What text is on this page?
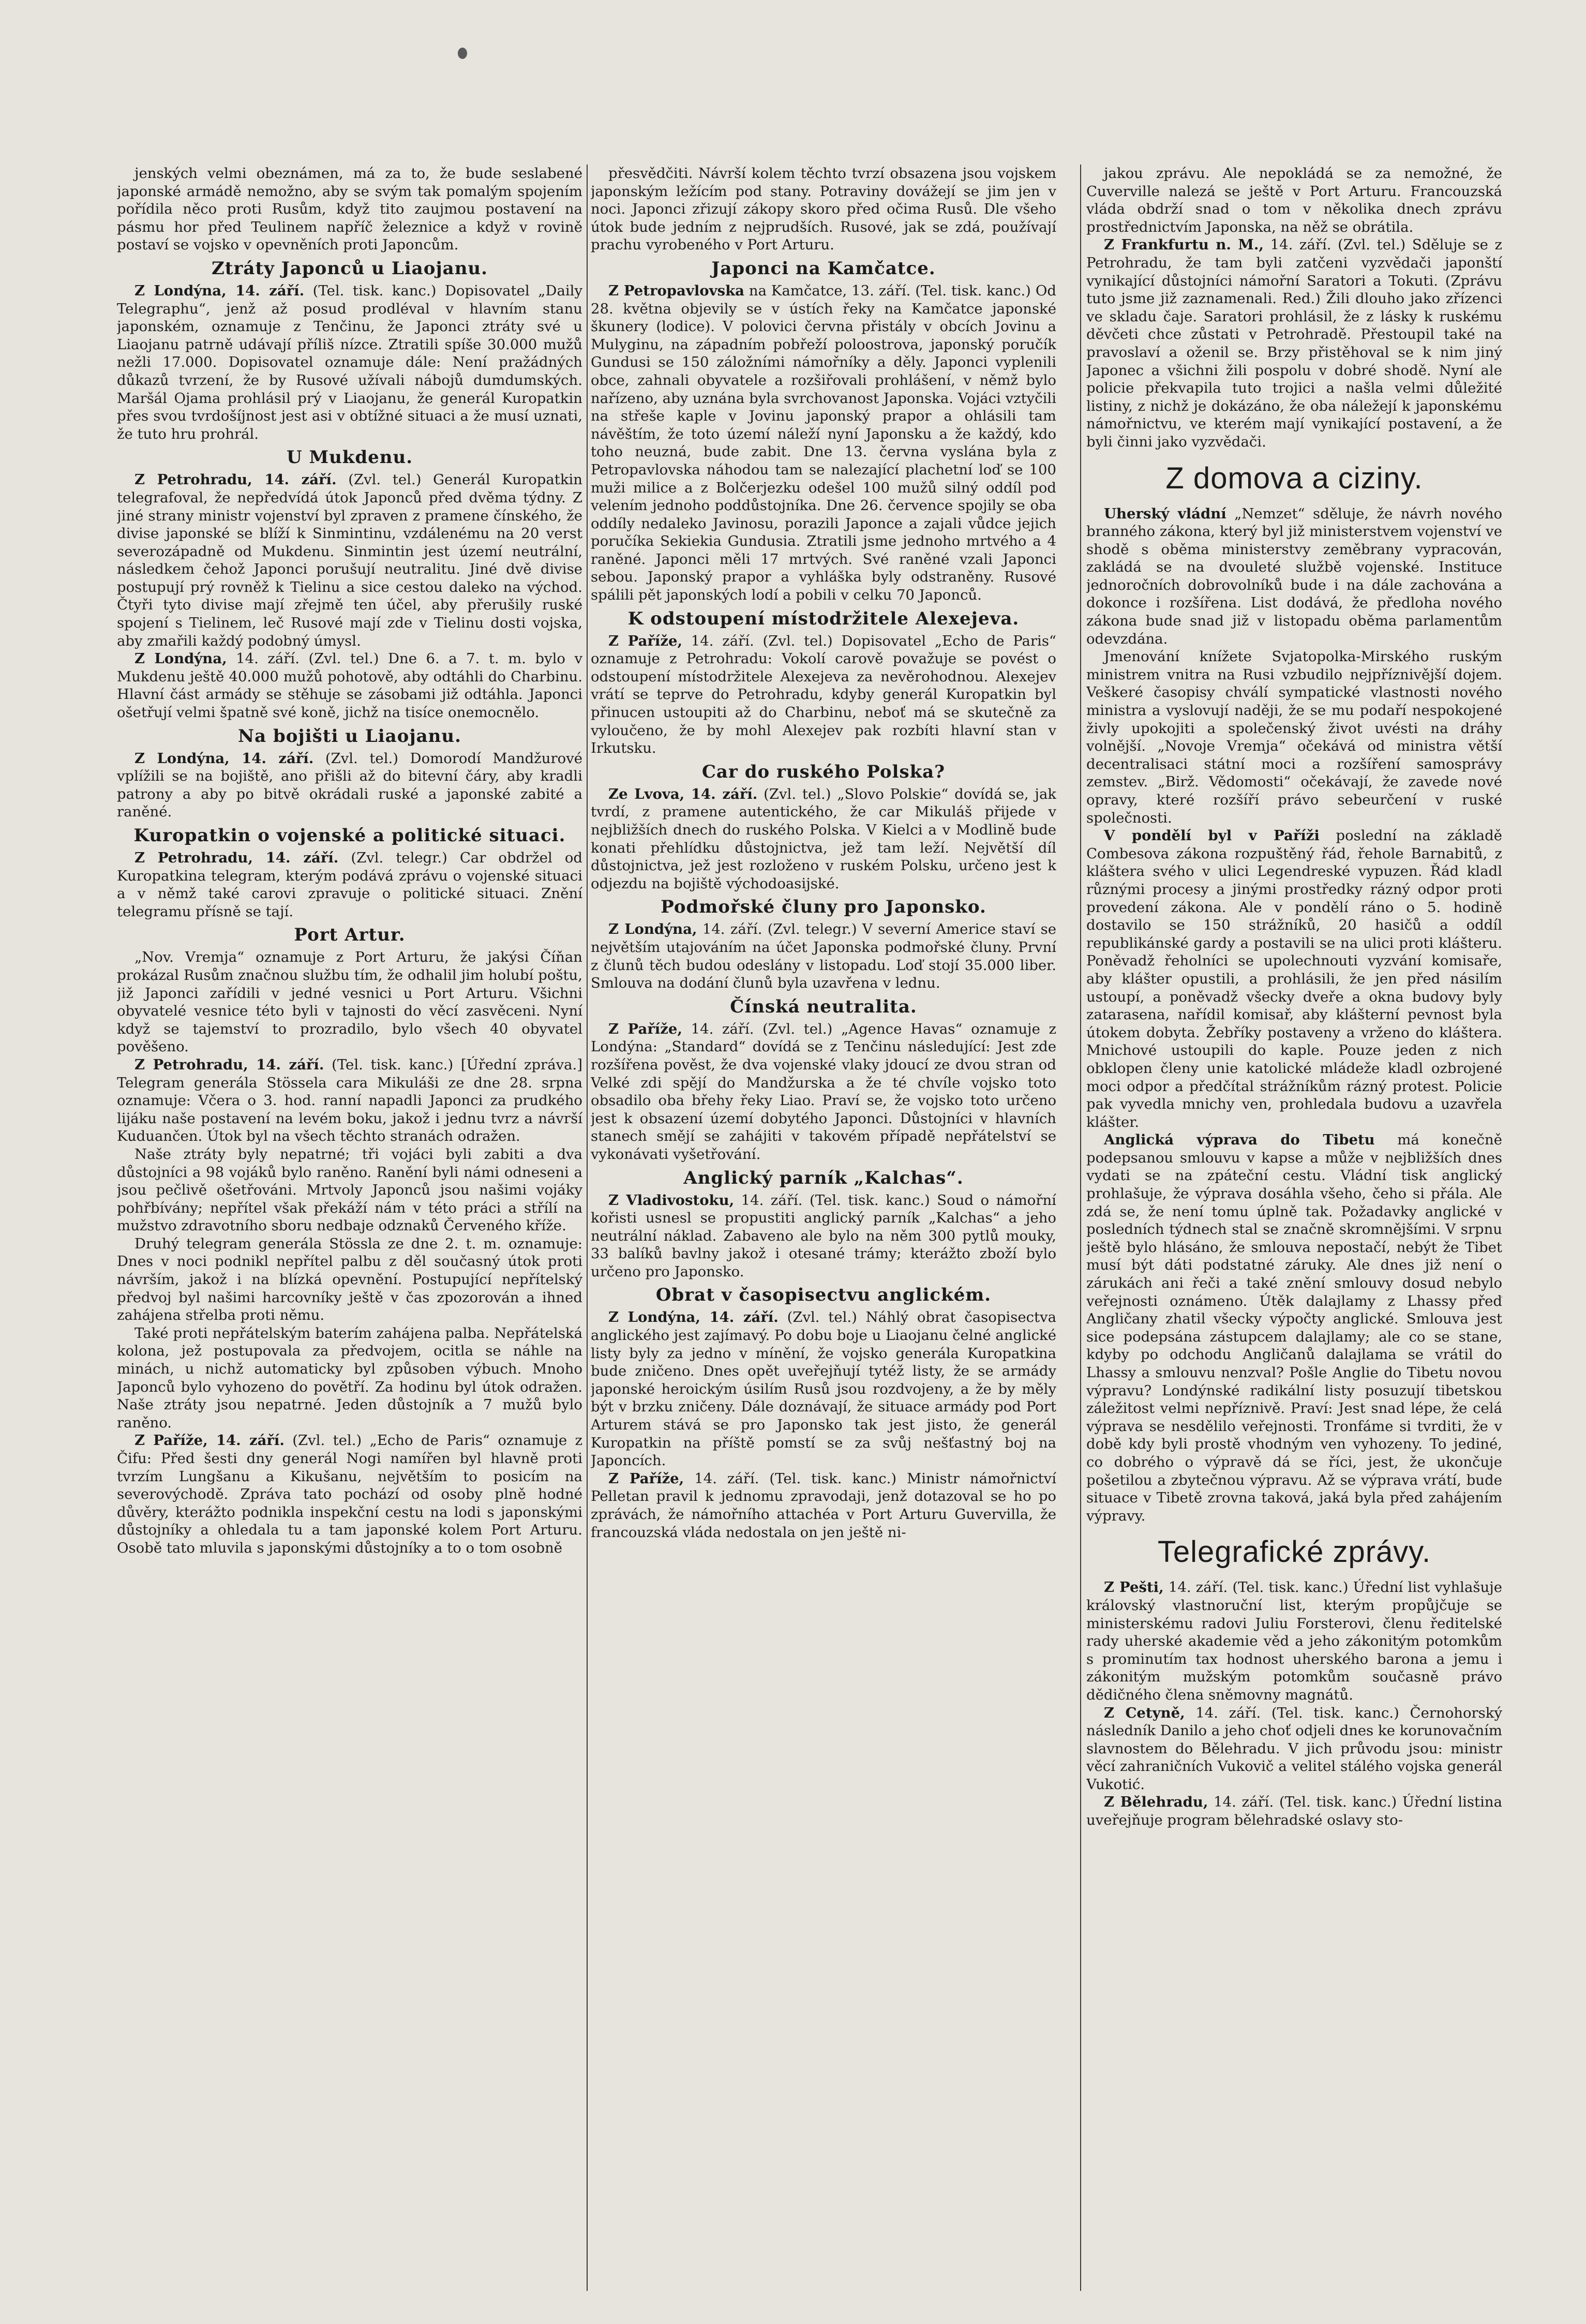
jenských velmi obeznámen, má za to, že bude seslabené japonské armádě nemožno, aby se svým tak pomalým spojením pořídila něco proti Rusům, když tito zaujmou postavení na pásmu hor před Teulinem napříč železnice a když v rovině postaví se vojsko v opevněních proti Japoncům.

Ztráty Japonců u Liaojanu.

Z Londýna, 14. září. (Tel. tisk. kanc.) Dopisovatel „Daily Telegraphu“, jenž až posud prodléval v hlavním stanu japonském, oznamuje z Tenčinu, že Japonci ztráty své u Liaojanu patrně udávají příliš nízce. Ztratili spíše 30.000 mužů nežli 17.000. Dopisovatel oznamuje dále: Není pražádných důkazů tvrzení, že by Rusové užívali nábojů dumdumských. Maršál Ojama prohlásil prý v Liaojanu, že generál Kuropatkin přes svou tvrdošíjnost jest asi v obtížné situaci a že musí uznati, že tuto hru prohrál.

U Mukdenu.

Z Petrohradu, 14. září. (Zvl. tel.) Generál Kuropatkin telegrafoval, že nepředvídá útok Japonců před dvěma týdny. Z jiné strany ministr vojenství byl zpraven z pramene čínského, že divise japonské se blíží k Sinmintinu, vzdálenému na 20 verst severozápadně od Mukdenu. Sinmintin jest území neutrální, následkem čehož Japonci porušují neutralitu. Jiné dvě divise postupují prý rovněž k Tielinu a sice cestou daleko na východ. Čtyři tyto divise mají zřejmě ten účel, aby přerušily ruské spojení s Tielinem, leč Rusové mají zde v Tielinu dosti vojska, aby zmařili každý podobný úmysl.

Z Londýna, 14. září. (Zvl. tel.) Dne 6. a 7. t. m. bylo v Mukdenu ještě 40.000 mužů pohotově, aby odtáhli do Charbinu. Hlavní část armády se stěhuje se zásobami již odtáhla. Japonci ošetřují velmi špatně své koně, jichž na tisíce onemocnělo.

Na bojišti u Liaojanu.

Z Londýna, 14. září. (Zvl. tel.) Domorodí Mandžurové vplížili se na bojiště, ano přišli až do bitevní čáry, aby kradli patrony a aby po bitvě okrádali ruské a japonské zabité a raněné.

Kuropatkin o vojenské a politické situaci.

Z Petrohradu, 14. září. (Zvl. telegr.) Car obdržel od Kuropatkina telegram, kterým podává zprávu o vojenské situaci a v němž také carovi zpravuje o politické situaci. Znění telegramu přísně se tají.

Port Artur.

„Nov. Vremja“ oznamuje z Port Arturu, že jakýsi Číňan prokázal Rusům značnou službu tím, že odhalil jim holubí poštu, již Japonci zařídili v jedné vesnici u Port Arturu. Všichni obyvatelé vesnice této byli v tajnosti do věcí zasvěceni. Nyní když se tajemství to prozradilo, bylo všech 40 obyvatel pověšeno.

Z Petrohradu, 14. září. (Tel. tisk. kanc.) [Úřední zpráva.] Telegram generála Stössela cara Mikuláši ze dne 28. srpna oznamuje: Včera o 3. hod. ranní napadli Japonci za prudkého lijáku naše postavení na levém boku, jakož i jednu tvrz a návrší Kuduančen. Útok byl na všech těchto stranách odražen.

Naše ztráty byly nepatrné; tři vojáci byli zabiti a dva důstojníci a 98 vojáků bylo raněno. Ranění byli námi odneseni a jsou pečlivě ošetřováni. Mrtvoly Japonců jsou našimi vojáky pohřbívány; nepřítel však překáží nám v této práci a střílí na mužstvo zdravotního sboru nedbaje odznaků Červeného kříže.

Druhý telegram generála Stössla ze dne 2. t. m. oznamuje: Dnes v noci podnikl nepřítel palbu z děl současný útok proti návrším, jakož i na blízká opevnění. Postupující nepřítelský předvoj byl našimi harcovníky ještě v čas zpozorován a ihned zahájena střelba proti němu.

Také proti nepřátelským baterím zahájena palba. Nepřátelská kolona, jež postupovala za předvojem, ocitla se náhle na minách, u nichž automaticky byl způsoben výbuch. Mnoho Japonců bylo vyhozeno do povětří. Za hodinu byl útok odražen. Naše ztráty jsou nepatrné. Jeden důstojník a 7 mužů bylo raněno.

Z Paříže, 14. září. (Zvl. tel.) „Echo de Paris“ oznamuje z Čifu: Před šesti dny generál Nogi namířen byl hlavně proti tvrzím Lungšanu a Kikušanu, největším to posicím na severovýchodě. Zpráva tato pochází od osoby plně hodné důvěry, kterážto podnikla inspekční cestu na lodi s japonskými důstojníky a ohledala tu a tam japonské kolem Port Arturu. Osobě tato mluvila s japonskými důstojníky a to o tom osobně

přesvědčiti. Návrší kolem těchto tvrzí obsazena jsou vojskem japonským ležícím pod stany. Potraviny dovážejí se jim jen v noci. Japonci zřizují zákopy skoro před očima Rusů. Dle všeho útok bude jedním z nejprudších. Rusové, jak se zdá, používají prachu vyrobeného v Port Arturu.

Japonci na Kamčatce.

Z Petropavlovska na Kamčatce, 13. září. (Tel. tisk. kanc.) Od 28. května objevily se v ústích řeky na Kamčatce japonské škunery (lodice). V polovici června přistály v obcích Jovinu a Mulyginu, na západním pobřeží poloostrova, japonský poručík Gundusi se 150 záložními námořníky a děly. Japonci vyplenili obce, zahnali obyvatele a rozšiřovali prohlášení, v němž bylo nařízeno, aby uznána byla svrchovanost Japonska. Vojáci vztyčili na střeše kaple v Jovinu japonský prapor a ohlásili tam návěštím, že toto území náleží nyní Japonsku a že každý, kdo toho neuzná, bude zabit. Dne 13. června vyslána byla z Petropavlovska náhodou tam se nalezající plachetní loď se 100 muži milice a z Bolčerjezku odešel 100 mužů silný oddíl pod velením jednoho poddůstojníka. Dne 26. července spojily se oba oddíly nedaleko Javinosu, porazili Japonce a zajali vůdce jejich poručíka Sekiekia Gundusia. Ztratili jsme jednoho mrtvého a 4 raněné. Japonci měli 17 mrtvých. Své raněné vzali Japonci sebou. Japonský prapor a vyhláška byly odstraněny. Rusové spálili pět japonských lodí a pobili v celku 70 Japonců.

K odstoupení místodržitele Alexejeva.

Z Paříže, 14. září. (Zvl. tel.) Dopisovatel „Echo de Paris“ oznamuje z Petrohradu: Vokolí carově považuje se povést o odstoupení místodržitele Alexejeva za nevěrohodnou. Alexejev vrátí se teprve do Petrohradu, kdyby generál Kuropatkin byl přinucen ustoupiti až do Charbinu, neboť má se skutečně za vyloučeno, že by mohl Alexejev pak rozbíti hlavní stan v Irkutsku.

Car do ruského Polska?

Ze Lvova, 14. září. (Zvl. tel.) „Slovo Polskie“ dovídá se, jak tvrdí, z pramene autentického, že car Mikuláš přijede v nejbližších dnech do ruského Polska. V Kielci a v Modlině bude konati přehlídku důstojnictva, jež tam leží. Největší díl důstojnictva, jež jest rozloženo v ruském Polsku, určeno jest k odjezdu na bojiště východoasijské.

Podmořské čluny pro Japonsko.

Z Londýna, 14. září. (Zvl. telegr.) V severní Americe staví se největším utajováním na účet Japonska podmořské čluny. První z člunů těch budou odeslány v listopadu. Loď stojí 35.000 liber. Smlouva na dodání člunů byla uzavřena v lednu.

Čínská neutralita.

Z Paříže, 14. září. (Zvl. tel.) „Agence Havas“ oznamuje z Londýna: „Standard“ dovídá se z Tenčinu následující: Jest zde rozšířena pověst, že dva vojenské vlaky jdoucí ze dvou stran od Velké zdi spějí do Mandžurska a že té chvíle vojsko toto obsadilo oba břehy řeky Liao. Praví se, že vojsko toto určeno jest k obsazení území dobytého Japonci. Důstojníci v hlavních stanech smějí se zahájiti v takovém případě nepřátelství se vykonávati vyšetřování.

Anglický parník „Kalchas“.

Z Vladivostoku, 14. září. (Tel. tisk. kanc.) Soud o námořní kořisti usnesl se propustiti anglický parník „Kalchas“ a jeho neutrální náklad. Zabaveno ale bylo na něm 300 pytlů mouky, 33 balíků bavlny jakož i otesané trámy; kterážto zboží bylo určeno pro Japonsko.

Obrat v časopisectvu anglickém.

Z Londýna, 14. září. (Zvl. tel.) Náhlý obrat časopisectva anglického jest zajímavý. Po dobu boje u Liaojanu čelné anglické listy byly za jedno v mínění, že vojsko generála Kuropatkina bude zničeno. Dnes opět uveřejňují tytéž listy, že se armády japonské heroickým úsilím Rusů jsou rozdvojeny, a že by měly být v brzku zničeny. Dále doznávají, že situace armády pod Port Arturem stává se pro Japonsko tak jest jisto, že generál Kuropatkin na příště pomstí se za svůj nešťastný boj na Japoncích.

Z Paříže, 14. září. (Tel. tisk. kanc.) Ministr námořnictví Pelletan pravil k jednomu zpravodaji, jenž dotazoval se ho po zprávách, že námořního attachéa v Port Arturu Guvervilla, že francouzská vláda nedostala on jen ještě ni-

jakou zprávu. Ale nepokládá se za nemožné, že Cuverville nalezá se ještě v Port Arturu. Francouzská vláda obdrží snad o tom v několika dnech zprávu prostřednictvím Japonska, na něž se obrátila.

Z Frankfurtu n. M., 14. září. (Zvl. tel.) Sděluje se z Petrohradu, že tam byli zatčeni vyzvědači japonští vynikající důstojníci námořní Saratori a Tokuti. (Zprávu tuto jsme již zaznamenali. Red.) Žili dlouho jako zřízenci ve skladu čaje. Saratori prohlásil, že z lásky k ruskému děvčeti chce zůstati v Petrohradě. Přestoupil také na pravoslaví a oženil se. Brzy přistěhoval se k nim jiný Japonec a všichni žili pospolu v dobré shodě. Nyní ale policie překvapila tuto trojici a našla velmi důležité listiny, z nichž je dokázáno, že oba náležejí k japonskému námořnictvu, ve kterém mají vynikající postavení, a že byli činni jako vyzvědači.

Z domova a ciziny.

Uherský vládní „Nemzet“ sděluje, že návrh nového branného zákona, který byl již ministerstvem vojenství ve shodě s oběma ministerstvy zeměbrany vypracován, zakládá se na dvouleté službě vojenské. Instituce jednoročních dobrovolníků bude i na dále zachována a dokonce i rozšířena. List dodává, že předloha nového zákona bude snad již v listopadu oběma parlamentům odevzdána.

Jmenování knížete Svjatopolka-Mirského ruským ministrem vnitra na Rusi vzbudilo nejpříznivější dojem. Veškeré časopisy chválí sympatické vlastnosti nového ministra a vyslovují naději, že se mu podaří nespokojené živly upokojiti a společenský život uvésti na dráhy volnější. „Novoje Vremja“ očekává od ministra větší decentralisaci státní moci a rozšíření samosprávy zemstev. „Birž. Vědomosti“ očekávají, že zavede nové opravy, které rozšíří právo sebeurčení v ruské společnosti.

V pondělí byl v Paříži poslední na základě Combesova zákona rozpuštěný řád, řehole Barnabitů, z kláštera svého v ulici Legendreské vypuzen. Řád kladl různými procesy a jinými prostředky rázný odpor proti provedení zákona. Ale v pondělí ráno o 5. hodině dostavilo se 150 strážníků, 20 hasičů a oddíl republikánské gardy a postavili se na ulici proti klášteru. Poněvadž řeholníci se upolechnouti vyzvání komisaře, aby klášter opustili, a prohlásili, že jen před násilím ustoupí, a poněvadž všecky dveře a okna budovy byly zatarasena, nařídil komisař, aby klášterní pevnost byla útokem dobyta. Žebříky postaveny a vrženo do kláštera. Mnichové ustoupili do kaple. Pouze jeden z nich obklopen členy unie katolické mládeže kladl ozbrojené moci odpor a předčítal strážníkům rázný protest. Policie pak vyvedla mnichy ven, prohledala budovu a uzavřela klášter.

Anglická výprava do Tibetu má konečně podepsanou smlouvu v kapse a může v nejbližších dnes vydati se na zpáteční cestu. Vládní tisk anglický prohlašuje, že výprava dosáhla všeho, čeho si přála. Ale zdá se, že není tomu úplně tak. Požadavky anglické v posledních týdnech stal se značně skromnějšími. V srpnu ještě bylo hlásáno, že smlouva nepostačí, nebýt že Tibet musí být dáti podstatné záruky. Ale dnes již není o zárukách ani řeči a také znění smlouvy dosud nebylo veřejnosti oznámeno. Útěk dalajlamy z Lhassy přeď Angličany zhatil všecky výpočty anglické. Smlouva jest sice podepsána zástupcem dalajlamy; ale co se stane, kdyby po odchodu Angličanů dalajlama se vrátil do Lhassy a smlouvu nenzval? Pošle Anglie do Tibetu novou výpravu? Londýnské radikální listy posuzují tibetskou záležitost velmi nepříznivě. Praví: Jest snad lépe, že celá výprava se nesdělilo veřejnosti. Tronfáme si tvrditi, že v době kdy byli prostě vhodným ven vyhozeny. To jediné, co dobrého o výpravě dá se říci, jest, že ukončuje pošetilou a zbytečnou výpravu. Až se výprava vrátí, bude situace v Tibetě zrovna taková, jaká byla před zahájením výpravy.

Telegrafické zprávy.

Z Pešti, 14. září. (Tel. tisk. kanc.) Úřední list vyhlašuje královský vlastnoruční list, kterým propůjčuje se ministerskému radovi Juliu Forsterovi, členu ředitelské rady uherské akademie věd a jeho zákonitým potomkům s prominutím tax hodnost uherského barona a jemu i zákonitým mužským potomkům současně právo dědičného člena sněmovny magnátů.

Z Cetyně, 14. září. (Tel. tisk. kanc.) Černohorský následník Danilo a jeho choť odjeli dnes ke korunovačním slavnostem do Bělehradu. V jich průvodu jsou: ministr věcí zahraničních Vukovič a velitel stálého vojska generál Vukotić.

Z Bělehradu, 14. září. (Tel. tisk. kanc.) Úřední listina uveřejňuje program bělehradské oslavy sto-
